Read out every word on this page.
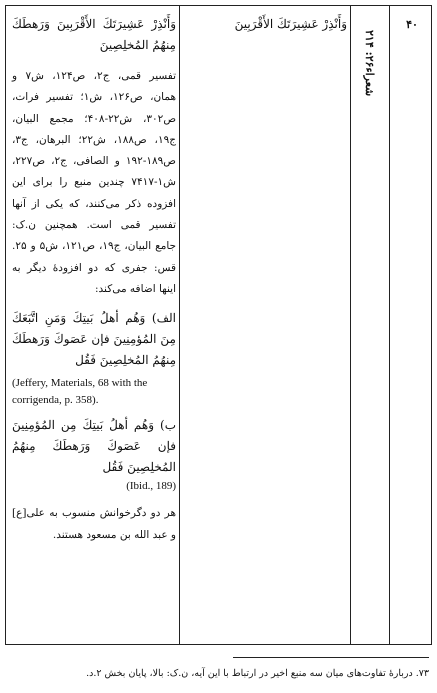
۴۰
شعراء۲۶: ۲۱۴

وَأَنْذِرْ عَشِيرَتَكَ الأَقْرَبِينَ

وَأَنْذِرْ عَشِيرَتَكَ الأَقْرَبِينَ وَرَهطَكَ مِنهُمُ المُخلِصِينَ

تفسیر قمی، ج۲، ص۱۲۴، ش۷ و همان، ص۱۲۶، ش۱؛ تفسیر فرات، ص۳۰۲، ش۲۲-۴۰۸؛ مجمع البیان، ج۱۹، ص۱۸۸، ش۲۲؛ البرهان، ج۳، ص۱۸۹-۱۹۲ و الصافی، ج۲، ص۲۲۷، ش۱-۷۴۱۷ چندین منبع را برای این افزوده ذکر می‌کنند، که یکی از آنها تفسیر قمی است. همچنین ن.ک: جامع البیان، ج۱۹، ص۱۲۱، ش۵ و ۲۵. قس: جفری که دو افزودهٔ دیگر به اینها اضافه می‌کند:

الف) وَهُم أهلُ بَيتِكَ وَمَنِ اتَّبَعَكَ مِنَ المُؤمِنِينَ فإن عَصَوكَ وَرَهطَكَ مِنهُمُ المُخلِصِينَ فَقُل

(Jeffery, Materials, 68 with the corrigenda, p. 358).

ب) وَهُم أهلُ بَيتِكَ مِن المُؤمِنِينَ فإن عَصَوكَ وَرَهطَكَ مِنهُمُ المُخلِصِينَ فَقُل

(Ibid., 189)

هر دو دگرخوانش منسوب به علی[ع] و عبد الله بن مسعود هستند.

۷۳. دربارهٔ تفاوت‌های میان سه منبع اخیر در ارتباط با این آیه، ن.ک: بالا، پایان بخش ۲.د.
